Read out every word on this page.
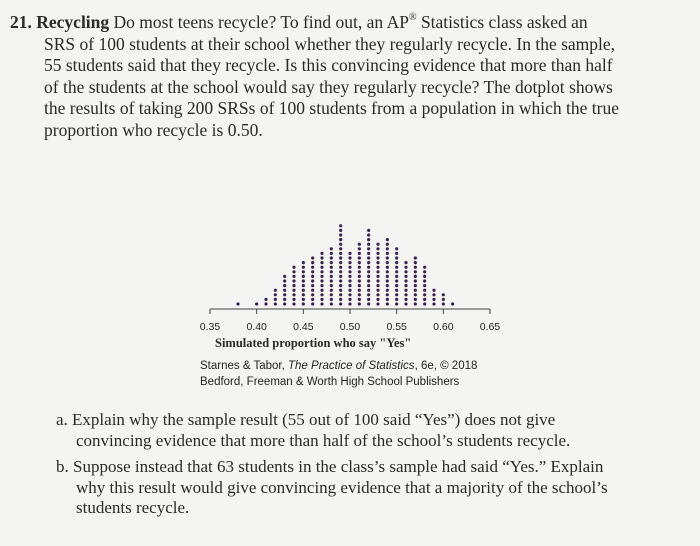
21. Recycling Do most teens recycle? To find out, an AP® Statistics class asked an
SRS of 100 students at their school whether they regularly recycle. In the sample,
55 students said that they recycle. Is this convincing evidence that more than half
of the students at the school would say they regularly recycle? The dotplot shows
the results of taking 200 SRSs of 100 students from a population in which the true
proportion who recycle is 0.50.
0.35 0.40 0.45 0.50 0.55 0.60 0.65
Simulated proportion who say "Yes"
Starnes & Tabor, The Practice of Statistics, 6e, © 2018
Bedford, Freeman & Worth High School Publishers
a. Explain why the sample result (55 out of 100 said “Yes”) does not give
convincing evidence that more than half of the school’s students recycle.
b. Suppose instead that 63 students in the class’s sample had said “Yes.” Explain
why this result would give convincing evidence that a majority of the school’s
students recycle.
